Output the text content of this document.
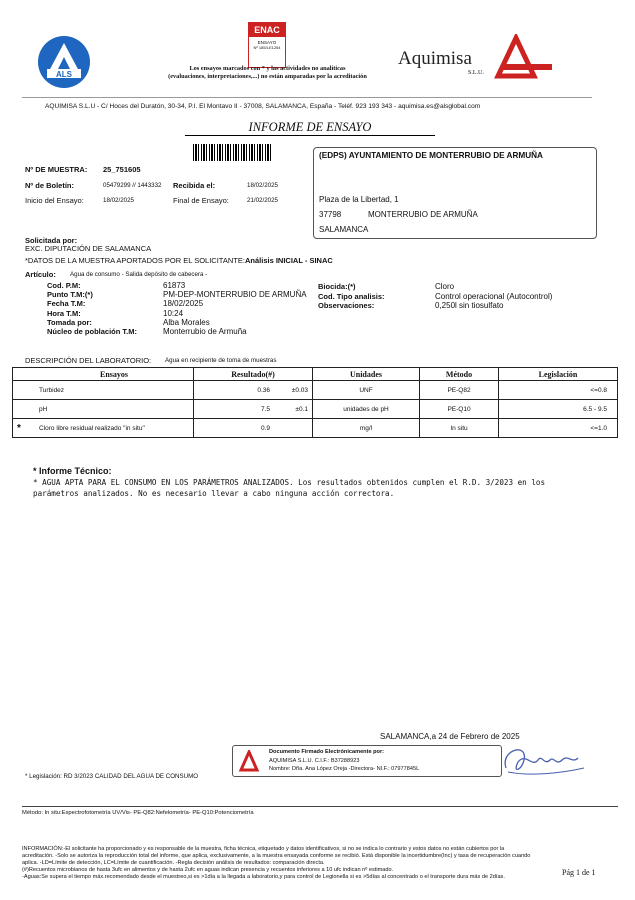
ALS
ENAC
ENSAYO
Nº 185/LE1254
Los ensayos marcados con * y las actividades no analíticas
(evaluaciones, interpretaciones,...) no están amparadas por la acreditación
Aquimisa
S.L.U.
AQUIMISA S.L.U - C/ Hoces del Duratón, 30-34, P.I. El Montavo II - 37008, SALAMANCA, España - Teléf. 923 193 343 - aquimisa.es@alsglobal.com
INFORME DE ENSAYO
Nº DE MUESTRA: 25_751605
Nº de Boletín:	05479299 // 1443332 Recibida el:	18/02/2025
Inicio del Ensayo:	18/02/2025	Final de Ensayo:	21/02/2025
(EDPS) AYUNTAMIENTO DE MONTERRUBIO DE ARMUÑA
Plaza de la Libertad, 1
37798	MONTERRUBIO DE ARMUÑA
SALAMANCA
Solicitada por:
EXC. DIPUTACIÓN DE SALAMANCA
*DATOS DE LA MUESTRA APORTADOS POR EL SOLICITANTE: Análisis INICIAL - SINAC
Artículo: Agua de consumo - Salida depósito de cabecera -
Cod. P.M:	61873
Punto T.M:(*)	PM-DEP-MONTERRUBIO DE ARMUÑA
Fecha T.M:	18/02/2025
Hora T.M:	10:24
Tomada por:	Alba Morales
Núcleo de población T.M:	Monterrubio de Armuña
Biocida:(*)	Cloro
Cod. Tipo analisis:	Control operacional (Autocontrol)
Observaciones:	0,250l sin tiosulfato
DESCRIPCIÓN DEL LABORATORIO: Agua en recipiente de toma de muestras
	Ensayos	Resultado(#)		Unidades	Método	Legislación
	Turbidez	0.36	±0.03	UNF	PE-Q82	<=0.8
	pH	7.5	±0.1	unidades de pH	PE-Q10	6.5 - 9.5
*	Cloro libre residual realizado "in situ"	0.9		mg/l	In situ	<=1.0
* Informe Técnico:
* AGUA APTA PARA EL CONSUMO EN LOS PARÁMETROS ANALIZADOS. Los resultados obtenidos cumplen el R.D. 3/2023 en los parámetros analizados. No es necesario llevar a cabo ninguna acción correctora.
SALAMANCA,a 24 de Febrero de 2025
Documento Firmado Electrónicamente por:
AQUIMISA S.L.U. C.I.F.: B37288923
Nombre: Dña. Ana López Oreja -Directora- NI.F.: 07977845L
* Legislación: RD 3/2023 CALIDAD DEL AGUA DE CONSUMO
Método: In situ:Espectrofotometría UV/Vis- PE-Q82:Nefelometría- PE-Q10:Potenciometría
INFORMACIÓN:-El solicitante ha proporcionado y es responsable de la muestra, ficha técnica, etiquetado y datos identificativos, si no se indica lo contrario y estos datos no están cubiertos por la acreditación. -Solo se autoriza la reproducción total del informe, que aplica, exclusivamente, a la muestra ensayada conforme se recibió. Está disponible la incertidumbre(Inc) y tasa de recuperación cuando aplica. -LD=Límite de detección, LC=Límite de cuantificación. -Regla decisión análisis de resultados: comparación directa.
(#)Recuentos microbianos de hasta 3ufc en alimentos y de hasta 2ufc en aguas indican presencia y recuentos inferiores a 10 ufc indican nº estimado.
-Aguas:Se supera el tiempo máx.recomendado desde el muestreo,si es >1día a la llegada a laboratorio,y para control de Legionella si es >5días al concentrado o el transporte dura más de 2días.	Pág 1 de 1
